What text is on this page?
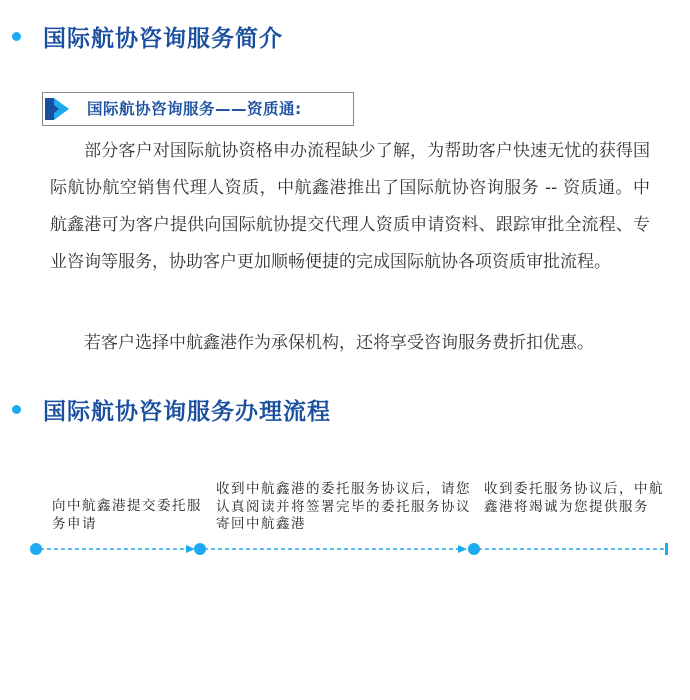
国际航协咨询服务简介
国际航协咨询服务——资质通:

部分客户对国际航协资格申办流程缺少了解，为帮助客户快速无忧的获得国际航协航空销售代理人资质，中航鑫港推出了国际航协咨询服务 -- 资质通。中航鑫港可为客户提供向国际航协提交代理人资质申请资料、跟踪审批全流程、专业咨询等服务，协助客户更加顺畅便捷的完成国际航协各项资质审批流程。

若客户选择中航鑫港作为承保机构，还将享受咨询服务费折扣优惠。

国际航协咨询服务办理流程

向中航鑫港提交委托服务申请

收到中航鑫港的委托服务协议后，请您认真阅读并将签署完毕的委托服务协议寄回中航鑫港

收到委托服务协议后，中航鑫港将竭诚为您提供服务
